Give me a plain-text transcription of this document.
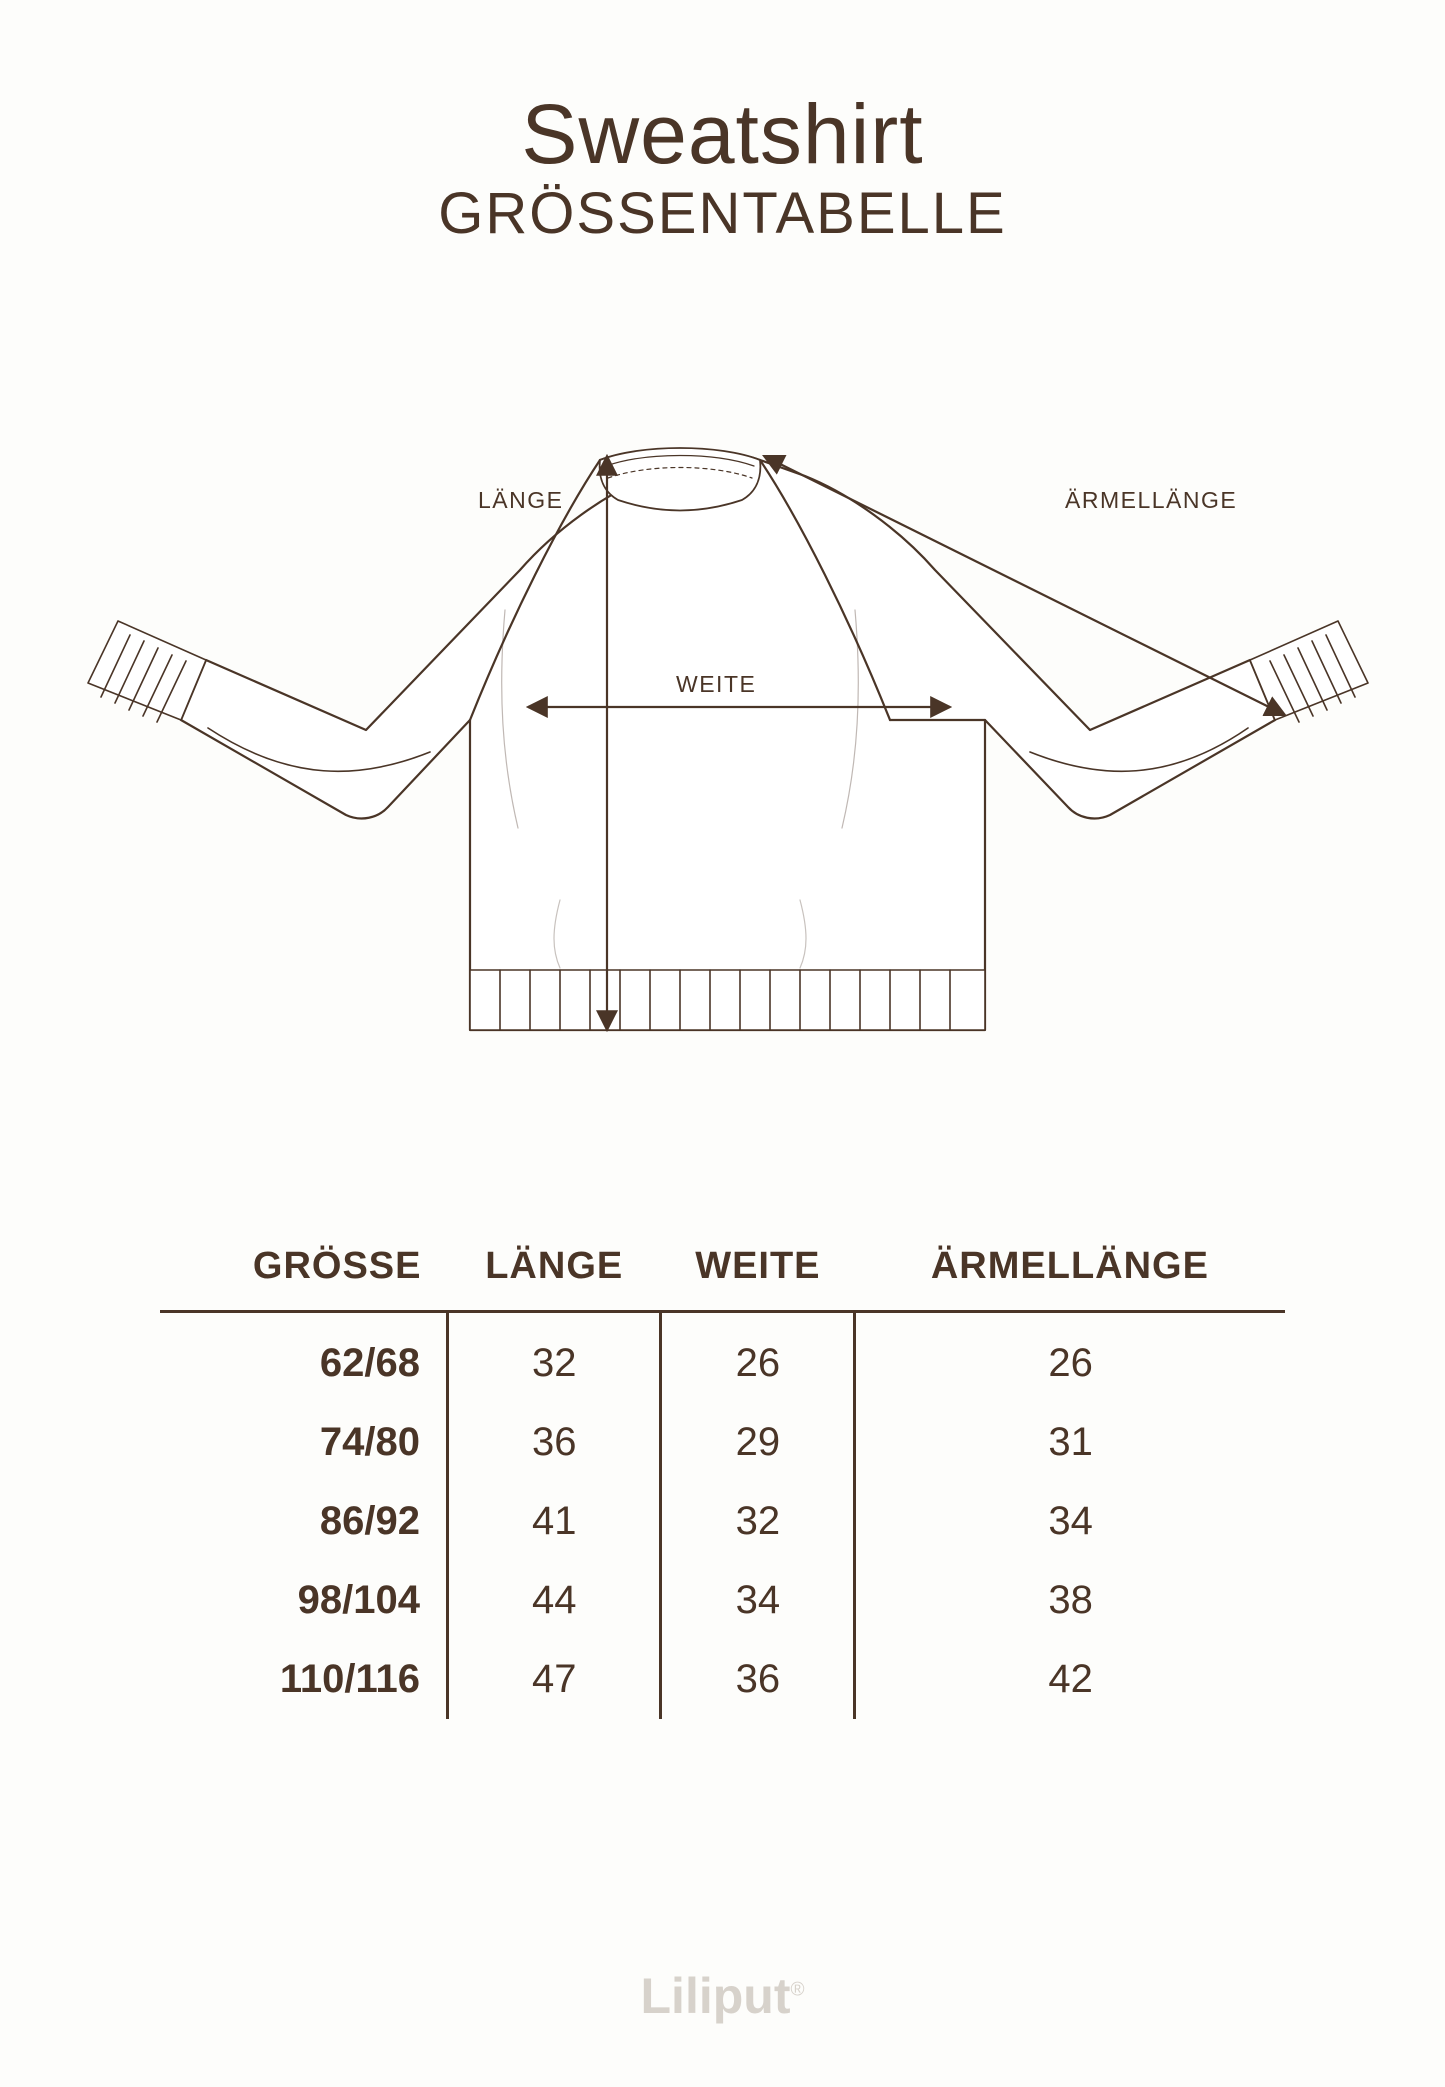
Sweatshirt
GRÖSSENTABELLE
LÄNGE
WEITE
ÄRMELLÄNGE
GRÖSSE	LÄNGE	WEITE	ÄRMELLÄNGE
62/68	32	26	26
74/80	36	29	31
86/92	41	32	34
98/104	44	34	38
110/116	47	36	42
Liliput®
